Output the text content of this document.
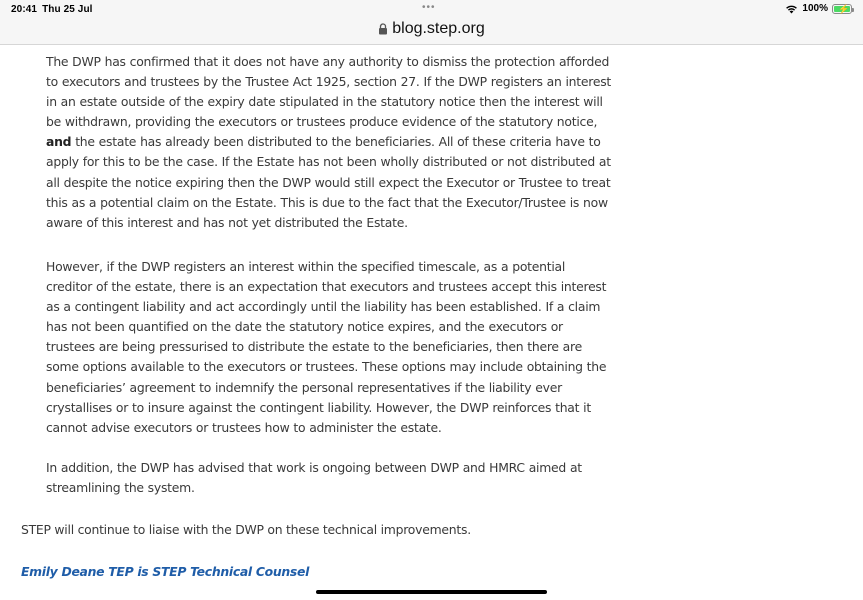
20:41 Thu 25 Jul	•••	100% ⚡
blog.step.org

The DWP has confirmed that it does not have any authority to dismiss the protection afforded to executors and trustees by the Trustee Act 1925, section 27. If the DWP registers an interest in an estate outside of the expiry date stipulated in the statutory notice then the interest will be withdrawn, providing the executors or trustees produce evidence of the statutory notice, and the estate has already been distributed to the beneficiaries. All of these criteria have to apply for this to be the case. If the Estate has not been wholly distributed or not distributed at all despite the notice expiring then the DWP would still expect the Executor or Trustee to treat this as a potential claim on the Estate. This is due to the fact that the Executor/Trustee is now aware of this interest and has not yet distributed the Estate.

However, if the DWP registers an interest within the specified timescale, as a potential creditor of the estate, there is an expectation that executors and trustees accept this interest as a contingent liability and act accordingly until the liability has been established. If a claim has not been quantified on the date the statutory notice expires, and the executors or trustees are being pressurised to distribute the estate to the beneficiaries, then there are some options available to the executors or trustees. These options may include obtaining the beneficiaries’ agreement to indemnify the personal representatives if the liability ever crystallises or to insure against the contingent liability. However, the DWP reinforces that it cannot advise executors or trustees how to administer the estate.

In addition, the DWP has advised that work is ongoing between DWP and HMRC aimed at streamlining the system.

STEP will continue to liaise with the DWP on these technical improvements.

Emily Deane TEP is STEP Technical Counsel
